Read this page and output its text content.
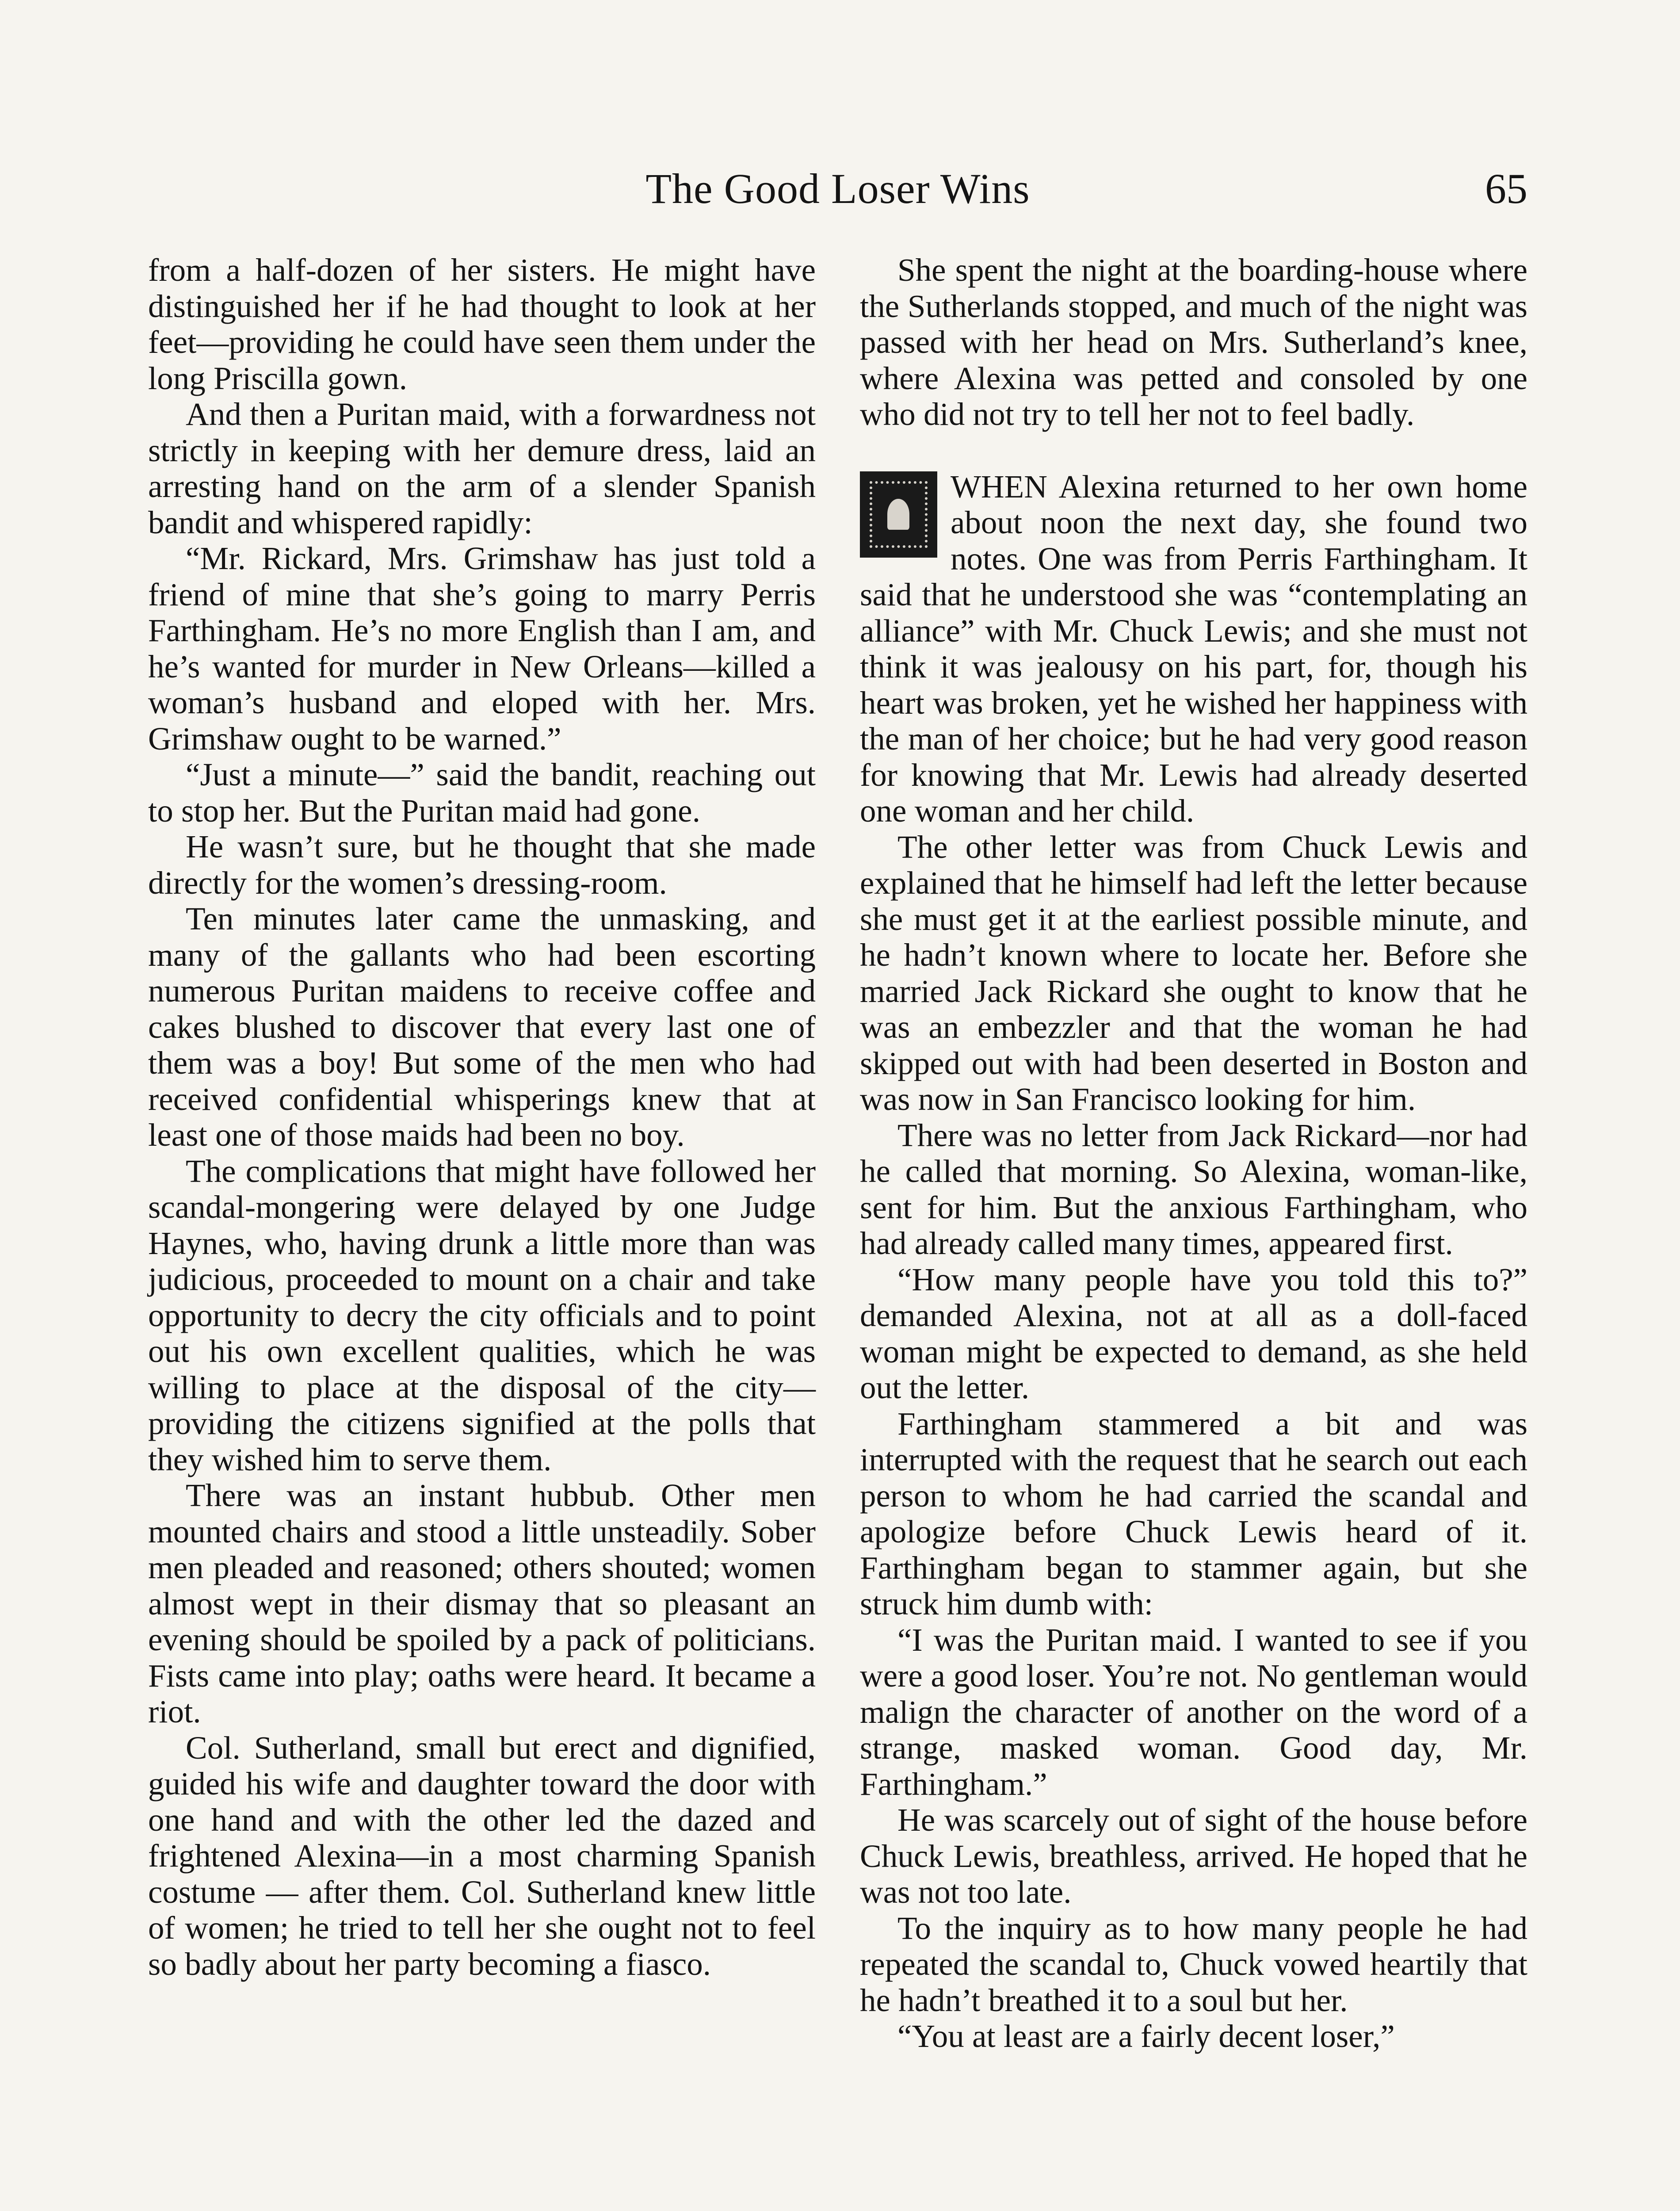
The Good Loser Wins	65

from a half-dozen of her sisters. He might have distinguished her if he had thought to look at her feet—providing he could have seen them under the long Priscilla gown.

And then a Puritan maid, with a forwardness not strictly in keeping with her demure dress, laid an arresting hand on the arm of a slender Spanish bandit and whispered rapidly:

“Mr. Rickard, Mrs. Grimshaw has just told a friend of mine that she’s going to marry Perris Farthingham. He’s no more English than I am, and he’s wanted for murder in New Orleans—killed a woman’s husband and eloped with her. Mrs. Grimshaw ought to be warned.”

“Just a minute—” said the bandit, reaching out to stop her. But the Puritan maid had gone.

He wasn’t sure, but he thought that she made directly for the women’s dressing-room.

Ten minutes later came the unmasking, and many of the gallants who had been escorting numerous Puritan maidens to receive coffee and cakes blushed to discover that every last one of them was a boy! But some of the men who had received confidential whisperings knew that at least one of those maids had been no boy.

The complications that might have followed her scandal-mongering were delayed by one Judge Haynes, who, having drunk a little more than was judicious, proceeded to mount on a chair and take opportunity to decry the city officials and to point out his own excellent qualities, which he was willing to place at the disposal of the city—providing the citizens signified at the polls that they wished him to serve them.

There was an instant hubbub. Other men mounted chairs and stood a little unsteadily. Sober men pleaded and reasoned; others shouted; women almost wept in their dismay that so pleasant an evening should be spoiled by a pack of politicians. Fists came into play; oaths were heard. It became a riot.

Col. Sutherland, small but erect and dignified, guided his wife and daughter toward the door with one hand and with the other led the dazed and frightened Alexina—in a most charming Spanish costume — after them. Col. Sutherland knew little of women; he tried to tell her she ought not to feel so badly about her party becoming a fiasco.

She spent the night at the boarding-house where the Sutherlands stopped, and much of the night was passed with her head on Mrs. Sutherland’s knee, where Alexina was petted and consoled by one who did not try to tell her not to feel badly.

WHEN Alexina returned to her own home about noon the next day, she found two notes. One was from Perris Farthingham. It said that he understood she was “contemplating an alliance” with Mr. Chuck Lewis; and she must not think it was jealousy on his part, for, though his heart was broken, yet he wished her happiness with the man of her choice; but he had very good reason for knowing that Mr. Lewis had already deserted one woman and her child.

The other letter was from Chuck Lewis and explained that he himself had left the letter because she must get it at the earliest possible minute, and he hadn’t known where to locate her. Before she married Jack Rickard she ought to know that he was an embezzler and that the woman he had skipped out with had been deserted in Boston and was now in San Francisco looking for him.

There was no letter from Jack Rickard—nor had he called that morning. So Alexina, woman-like, sent for him. But the anxious Farthingham, who had already called many times, appeared first.

“How many people have you told this to?” demanded Alexina, not at all as a doll-faced woman might be expected to demand, as she held out the letter.

Farthingham stammered a bit and was interrupted with the request that he search out each person to whom he had carried the scandal and apologize before Chuck Lewis heard of it. Farthingham began to stammer again, but she struck him dumb with:

“I was the Puritan maid. I wanted to see if you were a good loser. You’re not. No gentleman would malign the character of another on the word of a strange, masked woman. Good day, Mr. Farthingham.”

He was scarcely out of sight of the house before Chuck Lewis, breathless, arrived. He hoped that he was not too late.

To the inquiry as to how many people he had repeated the scandal to, Chuck vowed heartily that he hadn’t breathed it to a soul but her.

“You at least are a fairly decent loser,”
